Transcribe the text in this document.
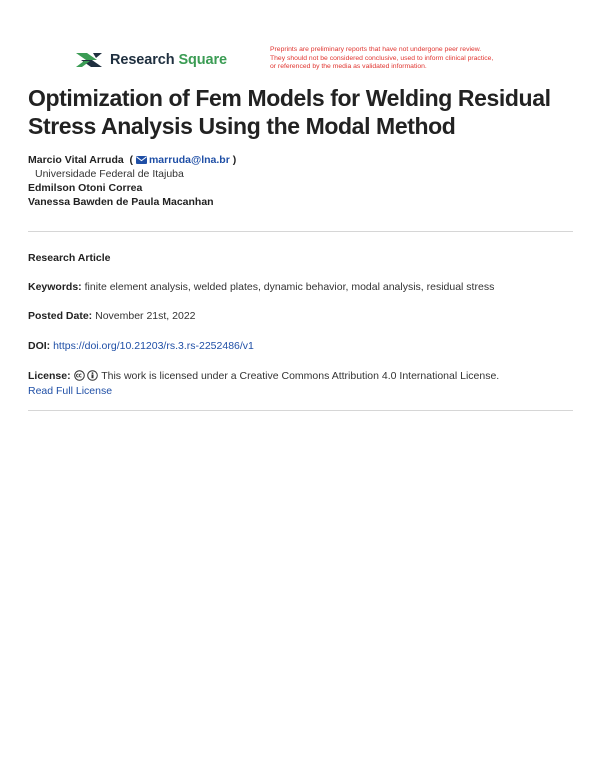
Research Square
Preprints are preliminary reports that have not undergone peer review.
They should not be considered conclusive, used to inform clinical practice,
or referenced by the media as validated information.
Optimization of Fem Models for Welding Residual Stress Analysis Using the Modal Method
Marcio Vital Arruda  ( marruda@lna.br )
Universidade Federal de Itajuba
Edmilson Otoni Correa
Vanessa Bawden de Paula Macanhan
Research Article
Keywords: finite element analysis, welded plates, dynamic behavior, modal analysis, residual stress
Posted Date: November 21st, 2022
DOI: https://doi.org/10.21203/rs.3.rs-2252486/v1
License:	This work is licensed under a Creative Commons Attribution 4.0 International License.
Read Full License
